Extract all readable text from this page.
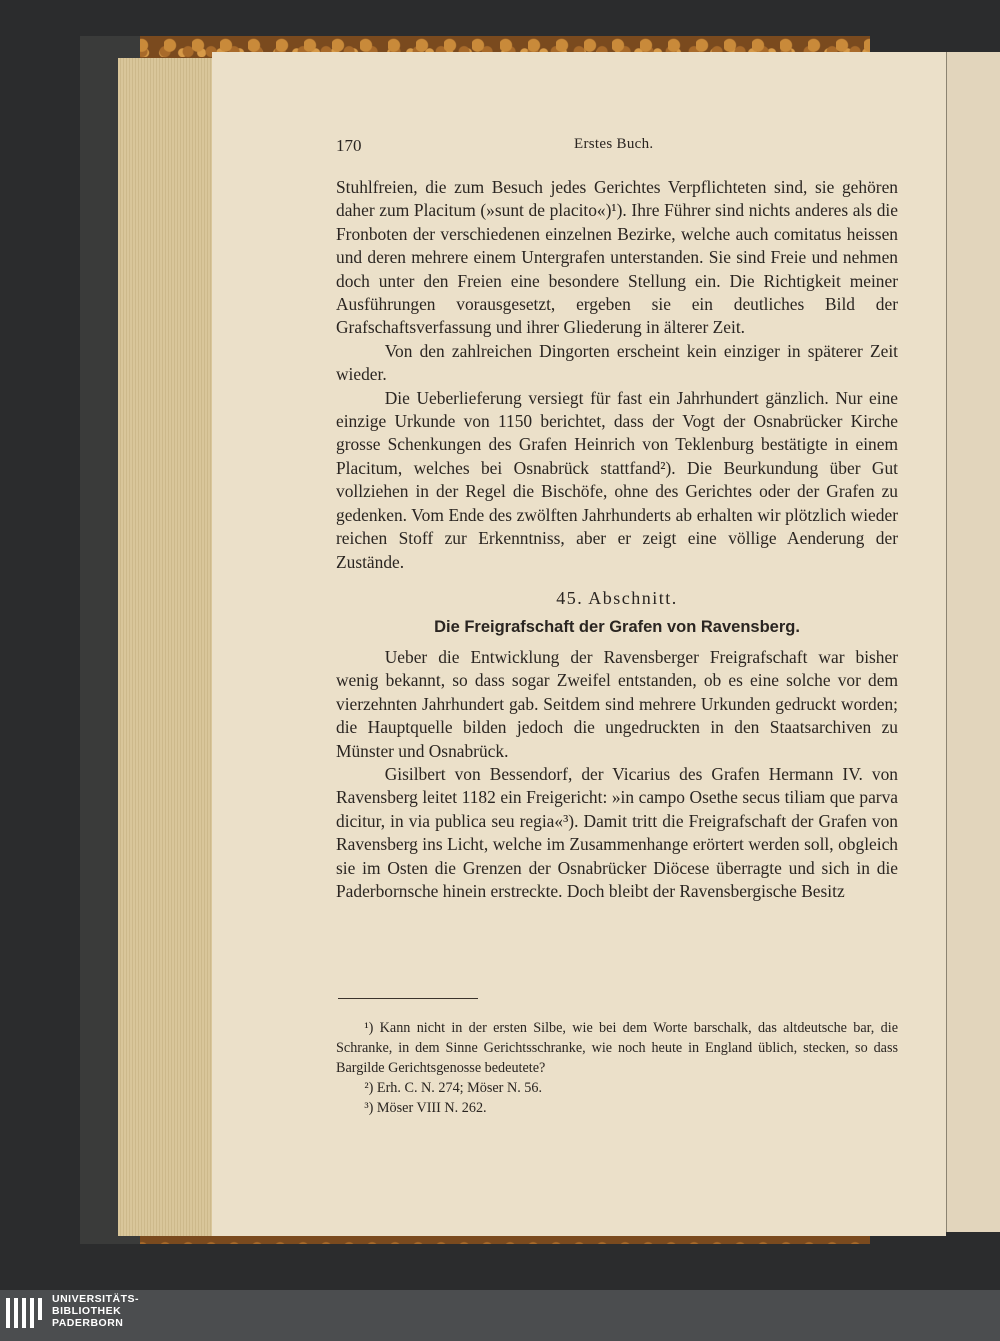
170	Erstes Buch.

Stuhlfreien, die zum Besuch jedes Gerichtes Verpflichteten sind, sie gehören daher zum Placitum (»sunt de placito«)¹). Ihre Führer sind nichts anderes als die Fronboten der verschiedenen einzelnen Bezirke, welche auch comitatus heissen und deren mehrere einem Untergrafen unterstanden. Sie sind Freie und nehmen doch unter den Freien eine besondere Stellung ein. Die Richtigkeit meiner Ausführungen vorausgesetzt, ergeben sie ein deutliches Bild der Grafschaftsverfassung und ihrer Gliederung in älterer Zeit.

Von den zahlreichen Dingorten erscheint kein einziger in späterer Zeit wieder.

Die Ueberlieferung versiegt für fast ein Jahrhundert gänzlich. Nur eine einzige Urkunde von 1150 berichtet, dass der Vogt der Osnabrücker Kirche grosse Schenkungen des Grafen Heinrich von Teklenburg bestätigte in einem Placitum, welches bei Osnabrück stattfand²). Die Beurkundung über Gut vollziehen in der Regel die Bischöfe, ohne des Gerichtes oder der Grafen zu gedenken. Vom Ende des zwölften Jahrhunderts ab erhalten wir plötzlich wieder reichen Stoff zur Erkenntniss, aber er zeigt eine völlige Aenderung der Zustände.

45. Abschnitt.
Die Freigrafschaft der Grafen von Ravensberg.

Ueber die Entwicklung der Ravensberger Freigrafschaft war bisher wenig bekannt, so dass sogar Zweifel entstanden, ob es eine solche vor dem vierzehnten Jahrhundert gab. Seitdem sind mehrere Urkunden gedruckt worden; die Hauptquelle bilden jedoch die ungedruckten in den Staatsarchiven zu Münster und Osnabrück.

Gisilbert von Bessendorf, der Vicarius des Grafen Hermann IV. von Ravensberg leitet 1182 ein Freigericht: »in campo Osethe secus tiliam que parva dicitur, in via publica seu regia«³). Damit tritt die Freigrafschaft der Grafen von Ravensberg ins Licht, welche im Zusammenhange erörtert werden soll, obgleich sie im Osten die Grenzen der Osnabrücker Diöcese überragte und sich in die Paderbornsche hinein erstreckte. Doch bleibt der Ravensbergische Besitz

¹) Kann nicht in der ersten Silbe, wie bei dem Worte barschalk, das altdeutsche bar, die Schranke, in dem Sinne Gerichtsschranke, wie noch heute in England üblich, stecken, so dass Bargilde Gerichtsgenosse bedeutete?

²) Erh. C. N. 274; Möser N. 56.

³) Möser VIII N. 262.

UNIVERSITÄTS-
BIBLIOTHEK
PADERBORN
